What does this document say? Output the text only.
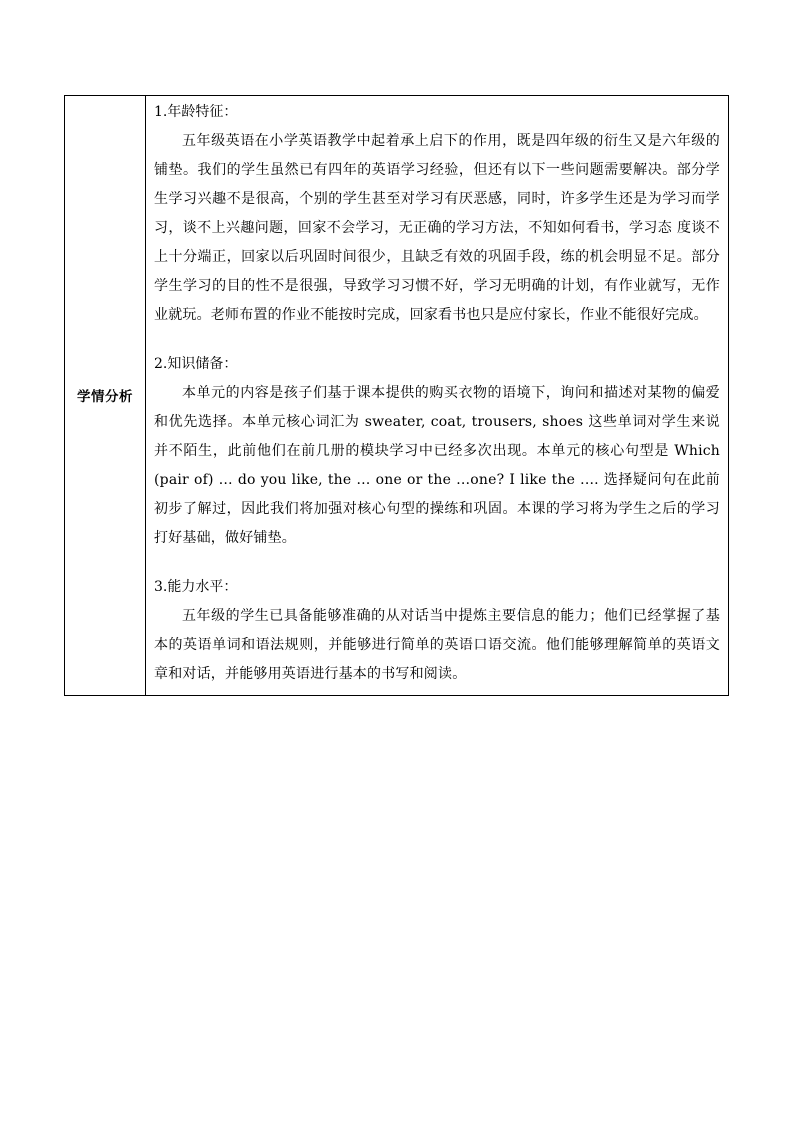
学情分析	

1.年龄特征：

五年级英语在小学英语教学中起着承上启下的作用，既是四年级的衍生又是六年级的铺垫。我们的学生虽然已有四年的英语学习经验，但还有以下一些问题需要解决。部分学生学习兴趣不是很高，个别的学生甚至对学习有厌恶感，同时，许多学生还是为学习而学习，谈不上兴趣问题，回家不会学习，无正确的学习方法，不知如何看书，学习态 度谈不上十分端正，回家以后巩固时间很少，且缺乏有效的巩固手段，练的机会明显不足。部分学生学习的目的性不是很强，导致学习习惯不好，学习无明确的计划，有作业就写，无作业就玩。老师布置的作业不能按时完成，回家看书也只是应付家长，作业不能很好完成。

2.知识储备：

本单元的内容是孩子们基于课本提供的购买衣物的语境下，询问和描述对某物的偏爱和优先选择。本单元核心词汇为 sweater, coat, trousers, shoes 这些单词对学生来说并不陌生，此前他们在前几册的模块学习中已经多次出现。本单元的核心句型是 Which (pair of) … do you like, the … one or the …one? I like the .... 选择疑问句在此前初步了解过，因此我们将加强对核心句型的操练和巩固。本课的学习将为学生之后的学习打好基础，做好铺垫。

3.能力水平：

五年级的学生已具备能够准确的从对话当中提炼主要信息的能力；他们已经掌握了基本的英语单词和语法规则，并能够进行简单的英语口语交流。他们能够理解简单的英语文章和对话，并能够用英语进行基本的书写和阅读。
